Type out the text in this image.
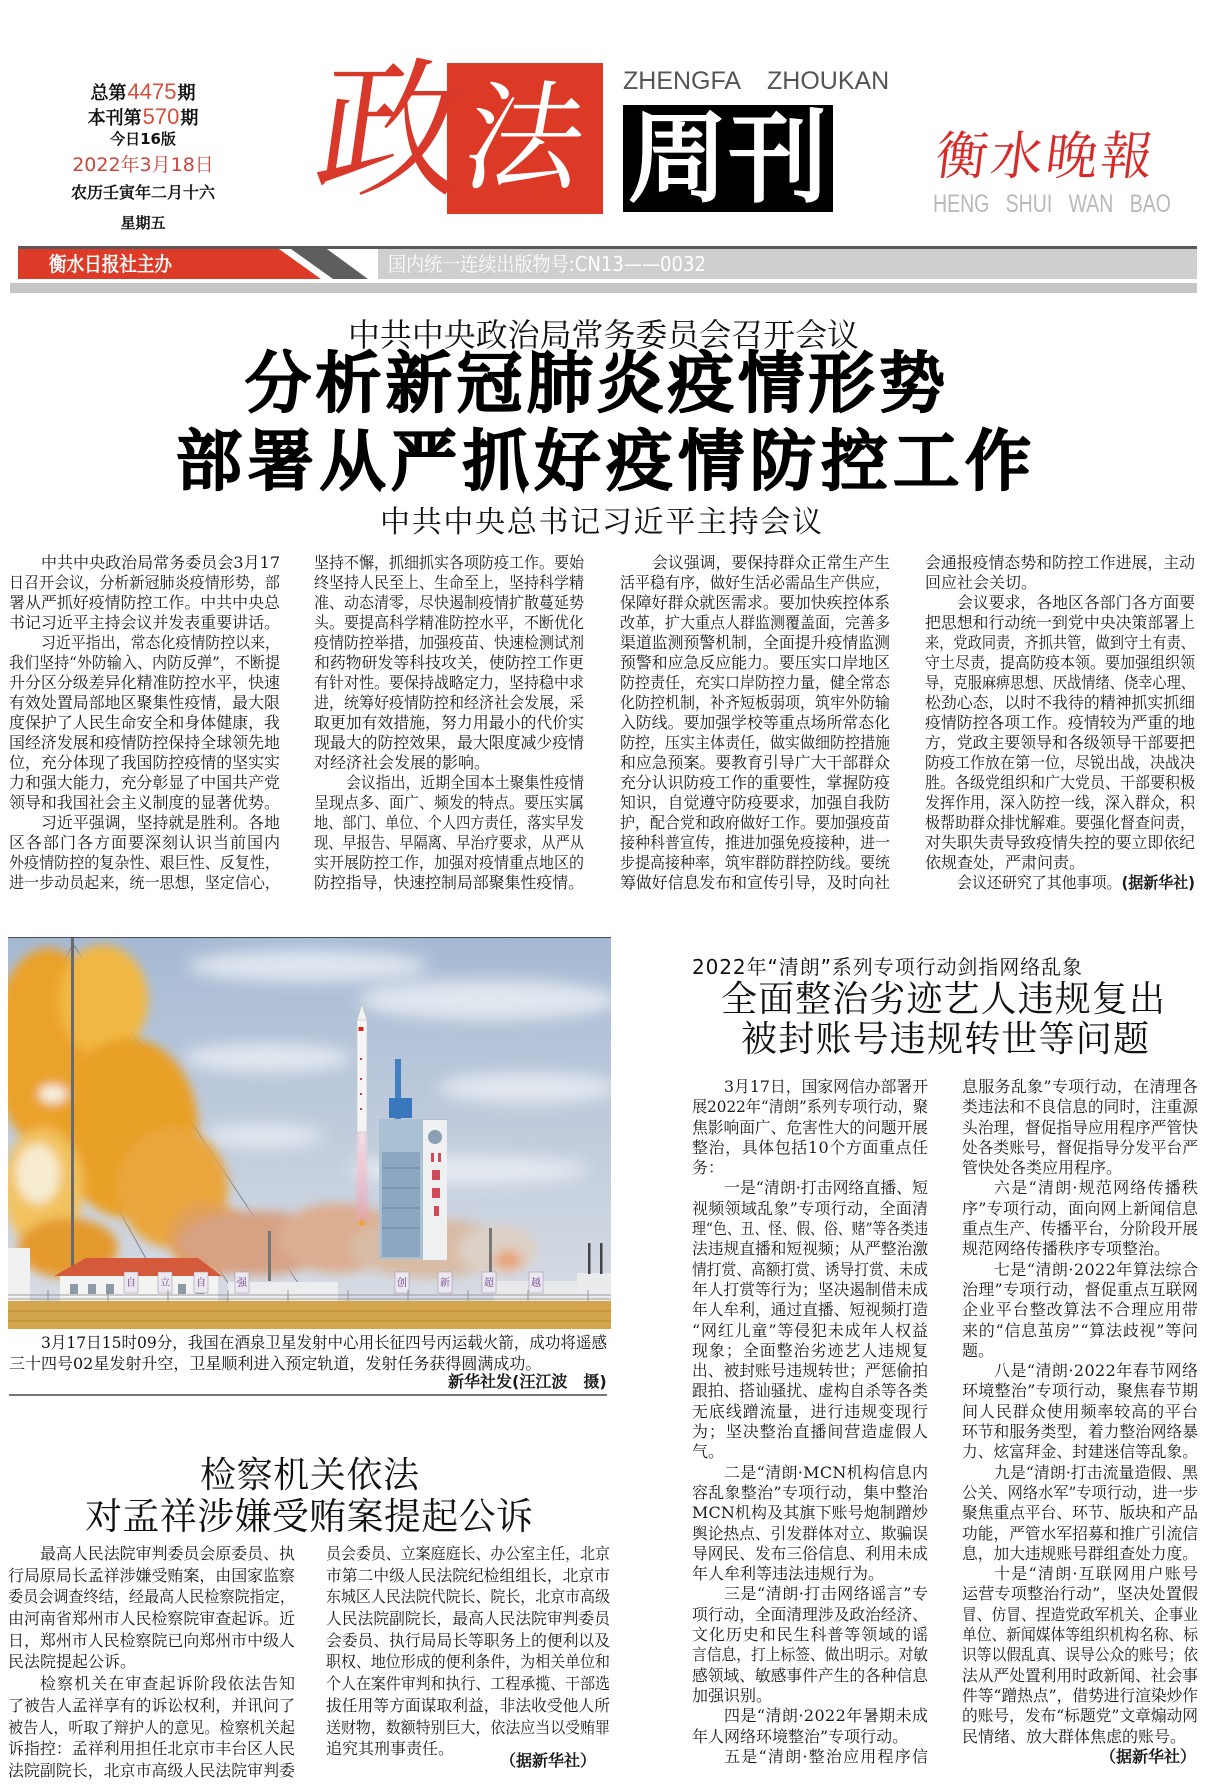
总第4475期
本刊第570期
今日16版
2022年3月18日
农历壬寅年二月十六
星期五
法
政	ZHENGFA ZHOUKAN
周刊 衡水晚報
HENG SHUI WAN BAO
衡水日报社主办	国内统一连续出版物号:CN13——0032
中共中央政治局常务委员会召开会议
分析新冠肺炎疫情形势
部署从严抓好疫情防控工作
中共中央总书记习近平主持会议
中共中央政治局常务委员会3月17
日召开会议，分析新冠肺炎疫情形势，部
署从严抓好疫情防控工作。中共中央总
书记习近平主持会议并发表重要讲话。
习近平指出，常态化疫情防控以来，
我们坚持“外防输入、内防反弹”，不断提
升分区分级差异化精准防控水平，快速
有效处置局部地区聚集性疫情，最大限
度保护了人民生命安全和身体健康，我
国经济发展和疫情防控保持全球领先地
位，充分体现了我国防控疫情的坚实实
力和强大能力，充分彰显了中国共产党
领导和我国社会主义制度的显著优势。
习近平强调，坚持就是胜利。各地
区各部门各方面要深刻认识当前国内
外疫情防控的复杂性、艰巨性、反复性，
进一步动员起来，统一思想，坚定信心，
坚持不懈，抓细抓实各项防疫工作。要始
终坚持人民至上、生命至上，坚持科学精
准、动态清零，尽快遏制疫情扩散蔓延势
头。要提高科学精准防控水平，不断优化
疫情防控举措，加强疫苗、快速检测试剂
和药物研发等科技攻关，使防控工作更
有针对性。要保持战略定力，坚持稳中求
进，统筹好疫情防控和经济社会发展，采
取更加有效措施，努力用最小的代价实
现最大的防控效果，最大限度减少疫情
对经济社会发展的影响。
会议指出，近期全国本土聚集性疫情
呈现点多、面广、频发的特点。要压实属
地、部门、单位、个人四方责任，落实早发
现、早报告、早隔离、早治疗要求，从严从
实开展防控工作，加强对疫情重点地区的
防控指导，快速控制局部聚集性疫情。
会议强调，要保持群众正常生产生
活平稳有序，做好生活必需品生产供应，
保障好群众就医需求。要加快疾控体系
改革，扩大重点人群监测覆盖面，完善多
渠道监测预警机制，全面提升疫情监测
预警和应急反应能力。要压实口岸地区
防控责任，充实口岸防控力量，健全常态
化防控机制，补齐短板弱项，筑牢外防输
入防线。要加强学校等重点场所常态化
防控，压实主体责任，做实做细防控措施
和应急预案。要教育引导广大干部群众
充分认识防疫工作的重要性，掌握防疫
知识，自觉遵守防疫要求，加强自我防
护，配合党和政府做好工作。要加强疫苗
接种科普宣传，推进加强免疫接种，进一
步提高接种率，筑牢群防群控防线。要统
筹做好信息发布和宣传引导，及时向社
会通报疫情态势和防控工作进展，主动
回应社会关切。
会议要求，各地区各部门各方面要
把思想和行动统一到党中央决策部署上
来，党政同责，齐抓共管，做到守土有责、
守土尽责，提高防疫本领。要加强组织领
导，克服麻痹思想、厌战情绪、侥幸心理、
松劲心态，以时不我待的精神抓实抓细
疫情防控各项工作。疫情较为严重的地
方，党政主要领导和各级领导干部要把
防疫工作放在第一位，尽锐出战，决战决
胜。各级党组织和广大党员、干部要积极
发挥作用，深入防控一线，深入群众，积
极帮助群众排忧解难。要强化督查问责，
对失职失责导致疫情失控的要立即依纪
依规查处，严肃问责。
会议还研究了其他事项。(据新华社)
自 立	自	强	创	新	超	越
3月17日15时09分，我国在酒泉卫星发射中心用长征四号丙运载火箭，成功将遥感
三十四号02星发射升空，卫星顺利进入预定轨道，发射任务获得圆满成功。
新华社发(汪江波　摄)
检察机关依法
对孟祥涉嫌受贿案提起公诉
最高人民法院审判委员会原委员、执
行局原局长孟祥涉嫌受贿案，由国家监察
委员会调查终结，经最高人民检察院指定，
由河南省郑州市人民检察院审查起诉。近
日，郑州市人民检察院已向郑州市中级人
民法院提起公诉。
检察机关在审查起诉阶段依法告知
了被告人孟祥享有的诉讼权利，并讯问了
被告人，听取了辩护人的意见。检察机关起
诉指控：孟祥利用担任北京市丰台区人民
法院副院长，北京市高级人民法院审判委
员会委员、立案庭庭长、办公室主任，北京
市第二中级人民法院纪检组组长，北京市
东城区人民法院代院长、院长，北京市高级
人民法院副院长，最高人民法院审判委员
会委员、执行局局长等职务上的便利以及
职权、地位形成的便利条件，为相关单位和
个人在案件审判和执行、工程承揽、干部选
拔任用等方面谋取利益，非法收受他人所
送财物，数额特别巨大，依法应当以受贿罪
追究其刑事责任。
（据新华社）
2022年“清朗”系列专项行动剑指网络乱象
全面整治劣迹艺人违规复出
被封账号违规转世等问题
3月17日，国家网信办部署开
展2022年“清朗”系列专项行动，聚
焦影响面广、危害性大的问题开展
整治，具体包括10个方面重点任
务：
一是“清朗·打击网络直播、短
视频领域乱象”专项行动，全面清
理“色、丑、怪、假、俗、赌”等各类违
法违规直播和短视频；从严整治激
情打赏、高额打赏、诱导打赏、未成
年人打赏等行为；坚决遏制借未成
年人牟利，通过直播、短视频打造
“网红儿童”等侵犯未成年人权益
现象；全面整治劣迹艺人违规复
出、被封账号违规转世；严惩偷拍
跟拍、搭讪骚扰、虚构自杀等各类
无底线蹭流量，进行违规变现行
为；坚决整治直播间营造虚假人
气。
二是“清朗·MCN机构信息内
容乱象整治”专项行动，集中整治
MCN机构及其旗下账号炮制蹭炒
舆论热点、引发群体对立、欺骗误
导网民、发布三俗信息、利用未成
年人牟利等违法违规行为。
三是“清朗·打击网络谣言”专
项行动，全面清理涉及政治经济、
文化历史和民生科普等领域的谣
言信息，打上标签、做出明示。对敏
感领域、敏感事件产生的各种信息
加强识别。
四是“清朗·2022年暑期未成
年人网络环境整治”专项行动。
五是“清朗·整治应用程序信
息服务乱象”专项行动，在清理各
类违法和不良信息的同时，注重源
头治理，督促指导应用程序严管快
处各类账号，督促指导分发平台严
管快处各类应用程序。
六是“清朗·规范网络传播秩
序”专项行动，面向网上新闻信息
重点生产、传播平台，分阶段开展
规范网络传播秩序专项整治。
七是“清朗·2022年算法综合
治理”专项行动，督促重点互联网
企业平台整改算法不合理应用带
来的“信息茧房”“算法歧视”等问
题。
八是“清朗·2022年春节网络
环境整治”专项行动，聚焦春节期
间人民群众使用频率较高的平台
环节和服务类型，着力整治网络暴
力、炫富拜金、封建迷信等乱象。
九是“清朗·打击流量造假、黑
公关、网络水军”专项行动，进一步
聚焦重点平台、环节、版块和产品
功能，严管水军招募和推广引流信
息，加大违规账号群组查处力度。
十是“清朗·互联网用户账号
运营专项整治行动”，坚决处置假
冒、仿冒、捏造党政军机关、企事业
单位、新闻媒体等组织机构名称、标
识等以假乱真、误导公众的账号；依
法从严处置利用时政新闻、社会事
件等“蹭热点”，借势进行渲染炒作
的账号，发布“标题党”文章煽动网
民情绪、放大群体焦虑的账号。
（据新华社）
